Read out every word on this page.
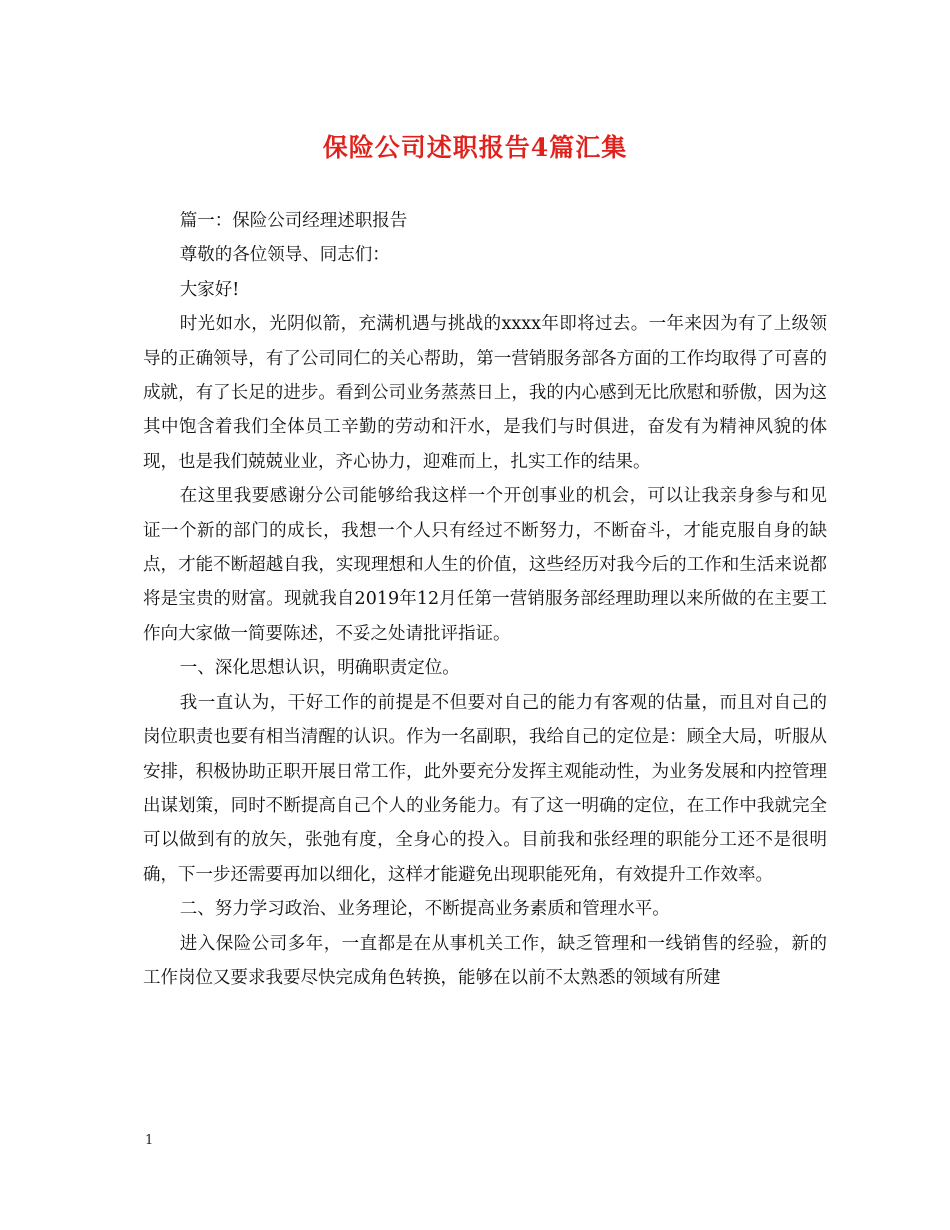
保险公司述职报告4篇汇集

篇一：保险公司经理述职报告

尊敬的各位领导、同志们：

大家好!

时光如水，光阴似箭，充满机遇与挑战的xxxx年即将过去。一年来因为有了上级领导的正确领导，有了公司同仁的关心帮助，第一营销服务部各方面的工作均取得了可喜的成就，有了长足的进步。看到公司业务蒸蒸日上，我的内心感到无比欣慰和骄傲，因为这其中饱含着我们全体员工辛勤的劳动和汗水，是我们与时俱进，奋发有为精神风貌的体现，也是我们兢兢业业，齐心协力，迎难而上，扎实工作的结果。

在这里我要感谢分公司能够给我这样一个开创事业的机会，可以让我亲身参与和见证一个新的部门的成长，我想一个人只有经过不断努力，不断奋斗，才能克服自身的缺点，才能不断超越自我，实现理想和人生的价值，这些经历对我今后的工作和生活来说都将是宝贵的财富。现就我自2019年12月任第一营销服务部经理助理以来所做的在主要工作向大家做一简要陈述，不妥之处请批评指证。

一、深化思想认识，明确职责定位。

我一直认为，干好工作的前提是不但要对自己的能力有客观的估量，而且对自己的岗位职责也要有相当清醒的认识。作为一名副职，我给自己的定位是：顾全大局，听服从安排，积极协助正职开展日常工作，此外要充分发挥主观能动性，为业务发展和内控管理出谋划策，同时不断提高自己个人的业务能力。有了这一明确的定位，在工作中我就完全可以做到有的放矢，张弛有度，全身心的投入。目前我和张经理的职能分工还不是很明确，下一步还需要再加以细化，这样才能避免出现职能死角，有效提升工作效率。

二、努力学习政治、业务理论，不断提高业务素质和管理水平。

进入保险公司多年，一直都是在从事机关工作，缺乏管理和一线销售的经验，新的工作岗位又要求我要尽快完成角色转换，能够在以前不太熟悉的领域有所建

1
